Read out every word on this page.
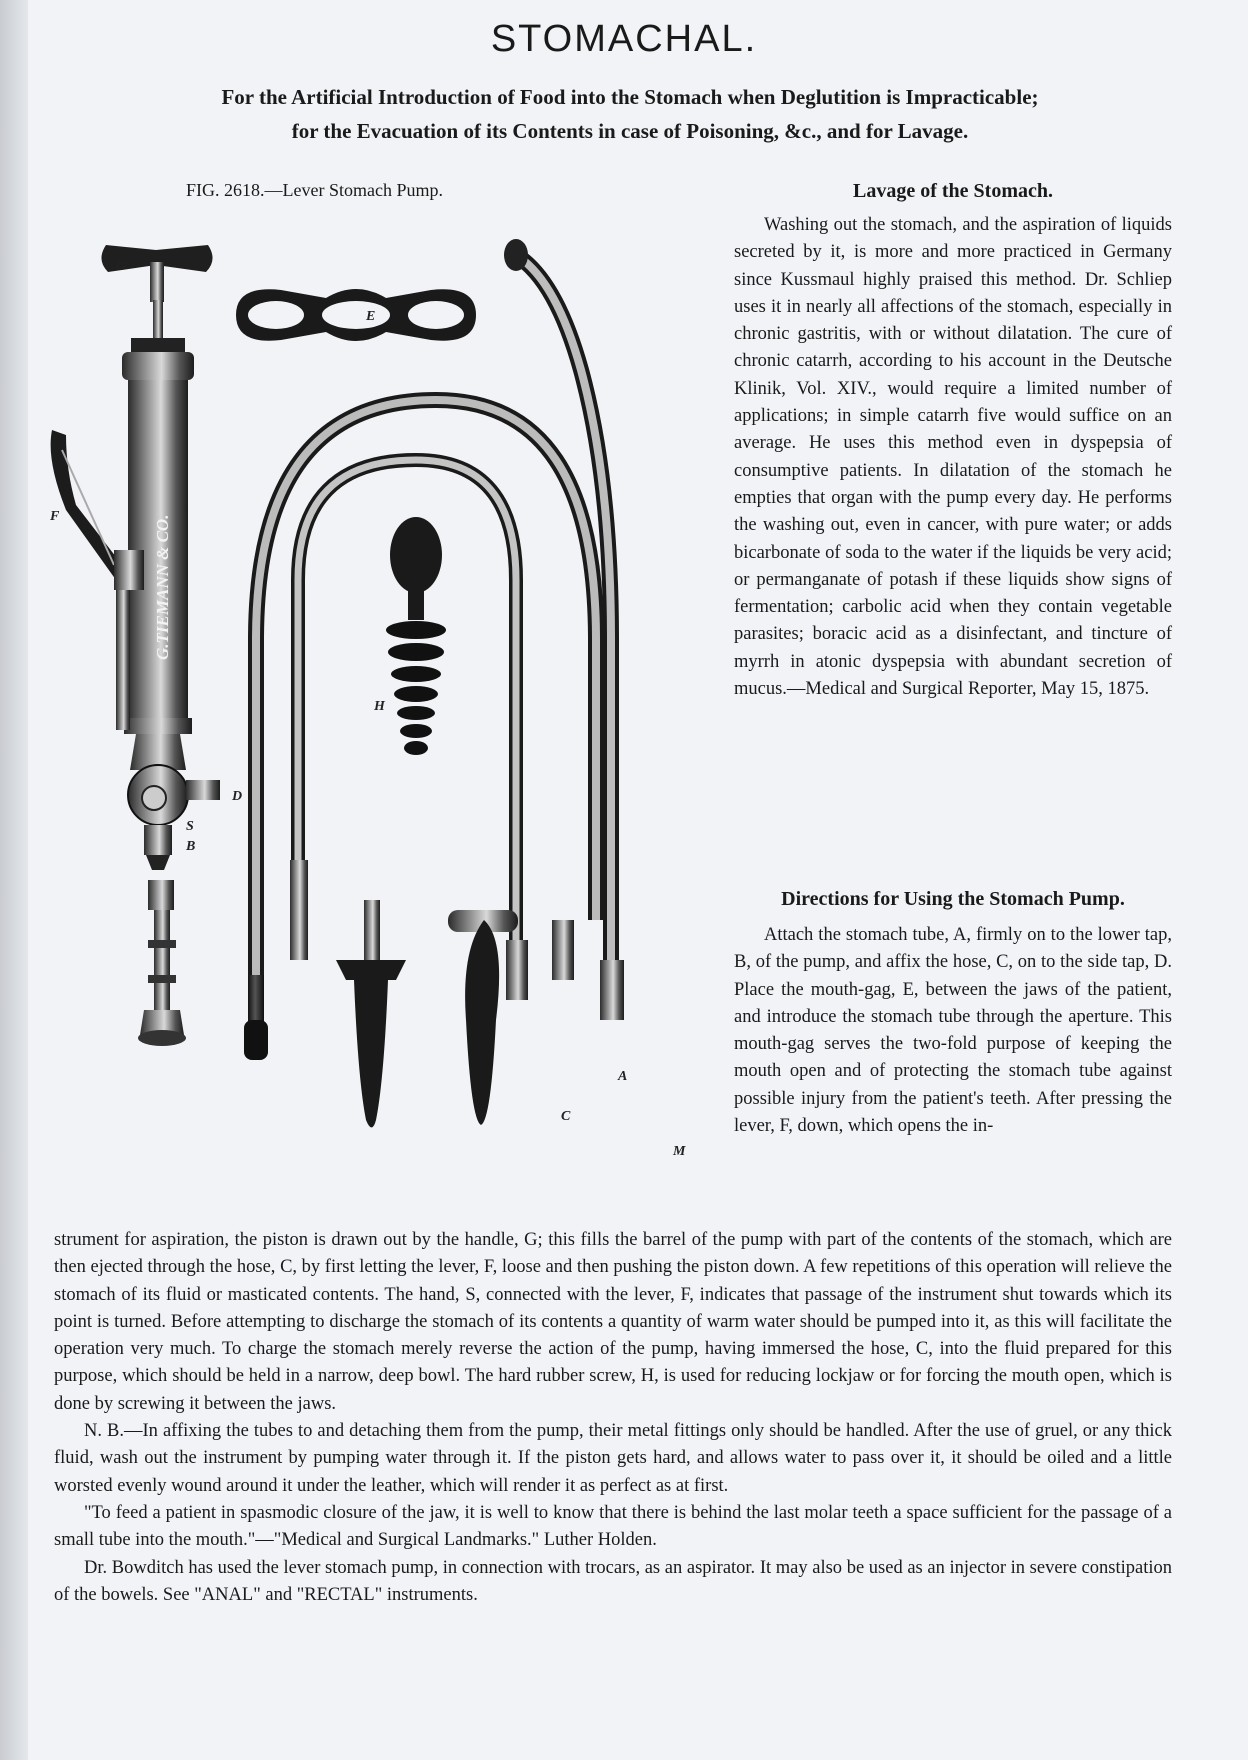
STOMACHAL.
For the Artificial Introduction of Food into the Stomach when Deglutition is Impracticable;
for the Evacuation of its Contents in case of Poisoning, &c., and for Lavage.
FIG. 2618.—Lever Stomach Pump.
G.TIEMANN & CO.
G
F
B
S
D
E
H
A
C
M
Lavage of the Stomach.

Washing out the stomach, and the aspiration of liquids secreted by it, is more and more practiced in Germany since Kussmaul highly praised this method. Dr. Schliep uses it in nearly all affections of the stomach, especially in chronic gastritis, with or without dilatation. The cure of chronic catarrh, according to his account in the Deutsche Klinik, Vol. XIV., would require a limited number of applications; in simple catarrh five would suffice on an average. He uses this method even in dyspepsia of consumptive patients. In dilatation of the stomach he empties that organ with the pump every day. He performs the washing out, even in cancer, with pure water; or adds bicarbonate of soda to the water if the liquids be very acid; or permanganate of potash if these liquids show signs of fermentation; carbolic acid when they contain vegetable parasites; boracic acid as a disinfectant, and tincture of myrrh in atonic dyspepsia with abundant secretion of mucus.—Medical and Surgical Reporter, May 15, 1875.

Directions for Using the Stomach Pump.

Attach the stomach tube, A, firmly on to the lower tap, B, of the pump, and affix the hose, C, on to the side tap, D. Place the mouth-gag, E, between the jaws of the patient, and introduce the stomach tube through the aperture. This mouth-gag serves the two-fold purpose of keeping the mouth open and of protecting the stomach tube against possible injury from the patient's teeth. After pressing the lever, F, down, which opens the in-

strument for aspiration, the piston is drawn out by the handle, G; this fills the barrel of the pump with part of the contents of the stomach, which are then ejected through the hose, C, by first letting the lever, F, loose and then pushing the piston down. A few repetitions of this operation will relieve the stomach of its fluid or masticated contents. The hand, S, connected with the lever, F, indicates that passage of the instrument shut towards which its point is turned. Before attempting to discharge the stomach of its contents a quantity of warm water should be pumped into it, as this will facilitate the operation very much. To charge the stomach merely reverse the action of the pump, having immersed the hose, C, into the fluid prepared for this purpose, which should be held in a narrow, deep bowl. The hard rubber screw, H, is used for reducing lockjaw or for forcing the mouth open, which is done by screwing it between the jaws.

N. B.—In affixing the tubes to and detaching them from the pump, their metal fittings only should be handled. After the use of gruel, or any thick fluid, wash out the instrument by pumping water through it. If the piston gets hard, and allows water to pass over it, it should be oiled and a little worsted evenly wound around it under the leather, which will render it as perfect as at first.

"To feed a patient in spasmodic closure of the jaw, it is well to know that there is behind the last molar teeth a space sufficient for the passage of a small tube into the mouth."—"Medical and Surgical Landmarks." Luther Holden.

Dr. Bowditch has used the lever stomach pump, in connection with trocars, as an aspirator. It may also be used as an injector in severe constipation of the bowels. See "ANAL" and "RECTAL" instruments.
